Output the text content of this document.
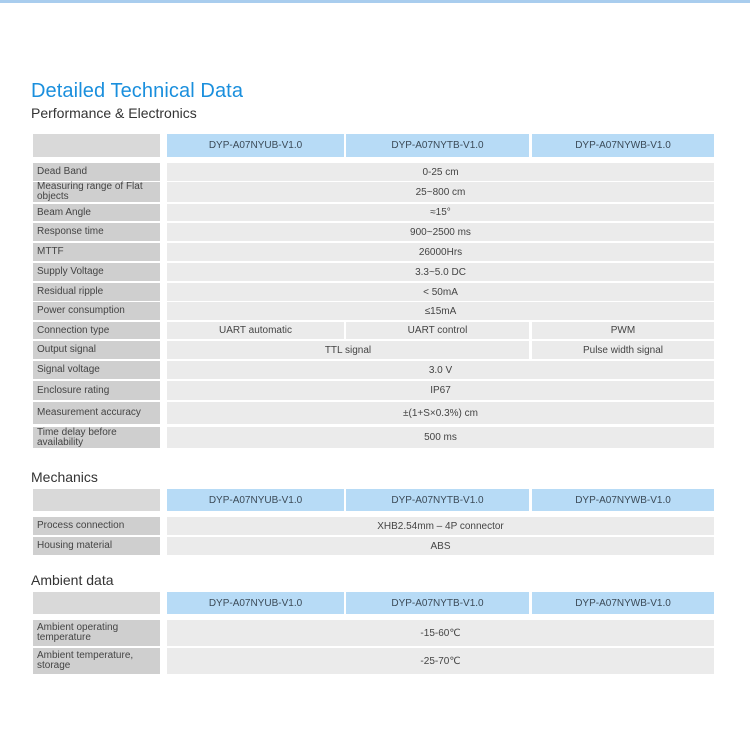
Detailed Technical Data
Performance & Electronics
DYP-A07NYUB-V1.0	DYP-A07NYTB-V1.0	DYP-A07NYWB-V1.0
Dead Band	0-25 cm
Measuring range of Flat objects	25~800 cm
Beam Angle	≈15°
Response time	900~2500 ms
MTTF	26000Hrs
Supply Voltage	3.3~5.0 DC
Residual ripple	< 50mA
Power consumption	≤15mA
Connection type	UART automatic	UART control	PWM
Output signal	TTL signal	Pulse width signal
Signal voltage	3.0 V
Enclosure rating	IP67
Measurement accuracy	±(1+S×0.3%) cm
Time delay before availability	500 ms
Mechanics
DYP-A07NYUB-V1.0	DYP-A07NYTB-V1.0	DYP-A07NYWB-V1.0
Process connection	XHB2.54mm – 4P connector
Housing material	ABS
Ambient data
DYP-A07NYUB-V1.0	DYP-A07NYTB-V1.0	DYP-A07NYWB-V1.0
Ambient operating temperature	-15-60℃
Ambient temperature, storage	-25-70℃
